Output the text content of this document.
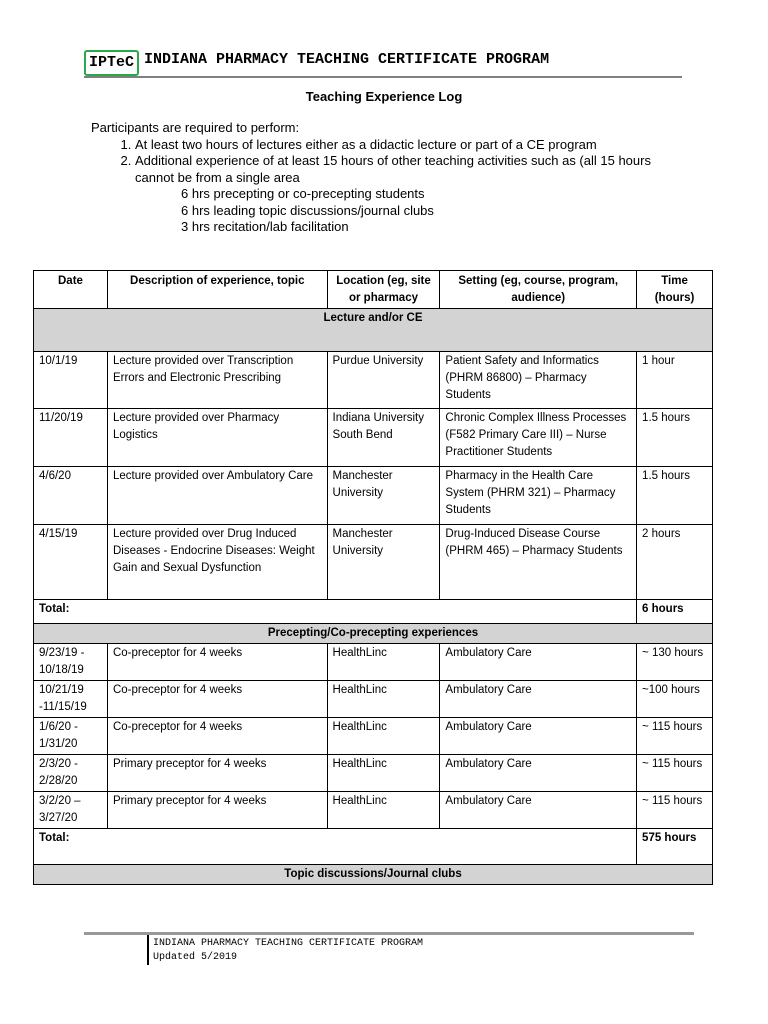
IPTeC INDIANA PHARMACY TEACHING CERTIFICATE PROGRAM
Teaching Experience Log
Participants are required to perform:
1. At least two hours of lectures either as a didactic lecture or part of a CE program
2. Additional experience of at least 15 hours of other teaching activities such as (all 15 hours cannot be from a single area
6 hrs precepting or co-precepting students
6 hrs leading topic discussions/journal clubs
3 hrs recitation/lab facilitation
Date	Description of experience, topic	Location (eg, site or pharmacy	Setting (eg, course, program, audience)	Time (hours)
Lecture and/or CE				
10/1/19	Lecture provided over Transcription Errors and Electronic Prescribing	Purdue University	Patient Safety and Informatics (PHRM 86800) – Pharmacy Students	1 hour
11/20/19	Lecture provided over Pharmacy Logistics	Indiana University South Bend	Chronic Complex Illness Processes (F582 Primary Care III) – Nurse Practitioner Students	1.5 hours
4/6/20	Lecture provided over Ambulatory Care	Manchester University	Pharmacy in the Health Care System (PHRM 321) – Pharmacy Students	1.5 hours
4/15/19	Lecture provided over Drug Induced Diseases - Endocrine Diseases: Weight Gain and Sexual Dysfunction	Manchester University	Drug-Induced Disease Course (PHRM 465) – Pharmacy Students	2 hours
Total:				6 hours
Precepting/Co-precepting experiences				
9/23/19 - 10/18/19	Co-preceptor for 4 weeks	HealthLinc	Ambulatory Care	~ 130 hours
10/21/19 -11/15/19	Co-preceptor for 4 weeks	HealthLinc	Ambulatory Care	~100 hours
1/6/20 - 1/31/20	Co-preceptor for 4 weeks	HealthLinc	Ambulatory Care	~ 115 hours
2/3/20 - 2/28/20	Primary preceptor for 4 weeks	HealthLinc	Ambulatory Care	~ 115 hours
3/2/20 – 3/27/20	Primary preceptor for 4 weeks	HealthLinc	Ambulatory Care	~ 115 hours
Total:				575 hours
Topic discussions/Journal clubs				
INDIANA PHARMACY TEACHING CERTIFICATE PROGRAM
Updated 5/2019
